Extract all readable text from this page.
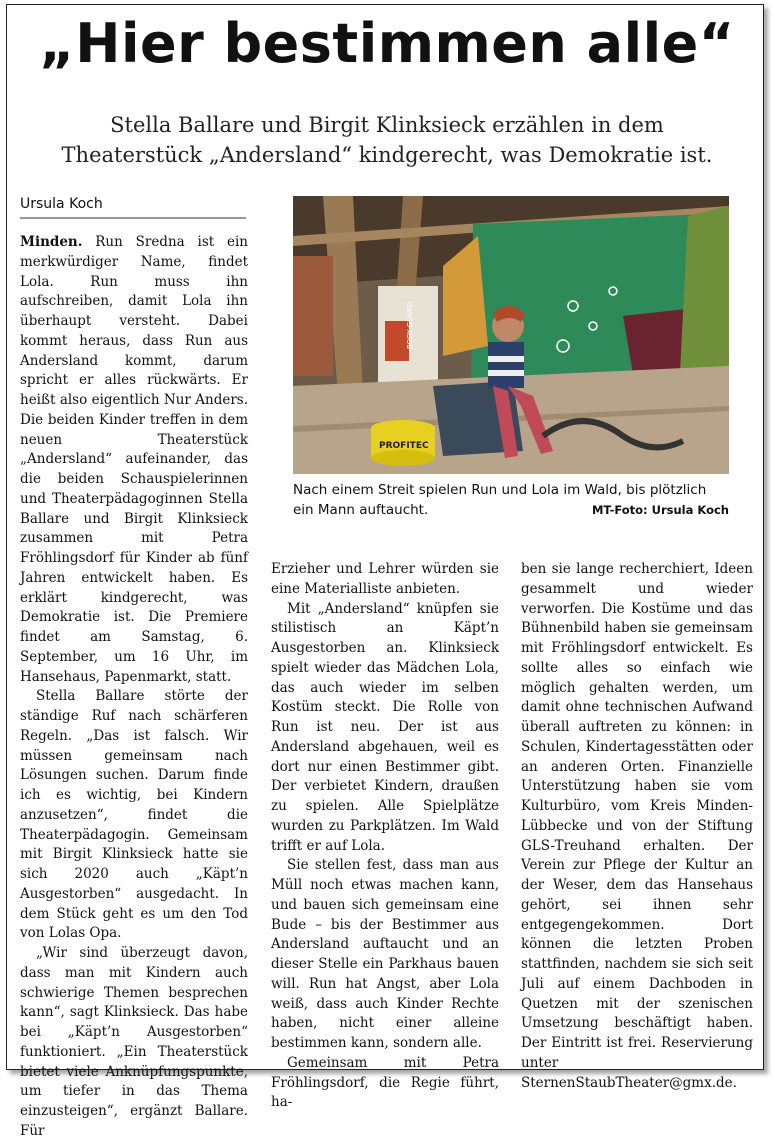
„Hier bestimmen alle“
Stella Ballare und Birgit Klinksieck erzählen in dem
Theaterstück „Andersland“ kindgerecht, was Demokratie ist.
Ursula Koch

Minden. Run Sredna ist ein merkwürdiger Name, findet Lola. Run muss ihn aufschreiben, damit Lola ihn überhaupt versteht. Dabei kommt heraus, dass Run aus Andersland kommt, darum spricht er alles rückwärts. Er heißt also eigentlich Nur Anders. Die beiden Kinder treffen in dem neuen Theaterstück „Andersland“ aufeinander, das die beiden Schauspielerinnen und Theaterpädagoginnen Stella Ballare und Birgit Klinksieck zusammen mit Petra Fröhlingsdorf für Kinder ab fünf Jahren entwickelt haben. Es erklärt kindgerecht, was Demokratie ist. Die Premiere findet am Samstag, 6. September, um 16 Uhr, im Hansehaus, Papenmarkt, statt.

Stella Ballare störte der ständige Ruf nach schärferen Regeln. „Das ist falsch. Wir müssen gemeinsam nach Lösungen suchen. Darum finde ich es wichtig, bei Kindern anzusetzen“, findet die Theaterpädagogin. Gemeinsam mit Birgit Klinksieck hatte sie sich 2020 auch „Käpt’n Ausgestorben“ ausgedacht. In dem Stück geht es um den Tod von Lolas Opa.

„Wir sind überzeugt davon, dass man mit Kindern auch schwierige Themen besprechen kann“, sagt Klinksieck. Das habe bei „Käpt’n Ausgestorben“ funktioniert. „Ein Theaterstück bietet viele Anknüpfungspunkte, um tiefer in das Thema einzusteigen“, ergänzt Ballare. Für

BODY GUARD
PROFITEC
Nach einem Streit spielen Run und Lola im Wald, bis plötzlich ein Mann auftaucht.	MT-Foto: Ursula Koch

Erzieher und Lehrer würden sie eine Materialliste anbieten.

Mit „Andersland“ knüpfen sie stilistisch an Käpt’n Ausgestorben an. Klinksieck spielt wieder das Mädchen Lola, das auch wieder im selben Kostüm steckt. Die Rolle von Run ist neu. Der ist aus Andersland abgehauen, weil es dort nur einen Bestimmer gibt. Der verbietet Kindern, draußen zu spielen. Alle Spielplätze wurden zu Parkplätzen. Im Wald trifft er auf Lola.

Sie stellen fest, dass man aus Müll noch etwas machen kann, und bauen sich gemeinsam eine Bude – bis der Bestimmer aus Andersland auftaucht und an dieser Stelle ein Parkhaus bauen will. Run hat Angst, aber Lola weiß, dass auch Kinder Rechte haben, nicht einer alleine bestimmen kann, sondern alle.

Gemeinsam mit Petra Fröhlingsdorf, die Regie führt, ha-

ben sie lange recherchiert, Ideen gesammelt und wieder verworfen. Die Kostüme und das Bühnenbild haben sie gemeinsam mit Fröhlingsdorf entwickelt. Es sollte alles so einfach wie möglich gehalten werden, um damit ohne technischen Aufwand überall auftreten zu können: in Schulen, Kindertagesstätten oder an anderen Orten. Finanzielle Unterstützung haben sie vom Kulturbüro, vom Kreis Minden-Lübbecke und von der Stiftung GLS-Treuhand erhalten. Der Verein zur Pflege der Kultur an der Weser, dem das Hansehaus gehört, sei ihnen sehr entgegengekommen. Dort können die letzten Proben stattfinden, nachdem sie sich seit Juli auf einem Dachboden in Quetzen mit der szenischen Umsetzung beschäftigt haben. Der Eintritt ist frei. Reservierung unter SternenStaubTheater@gmx.de.
